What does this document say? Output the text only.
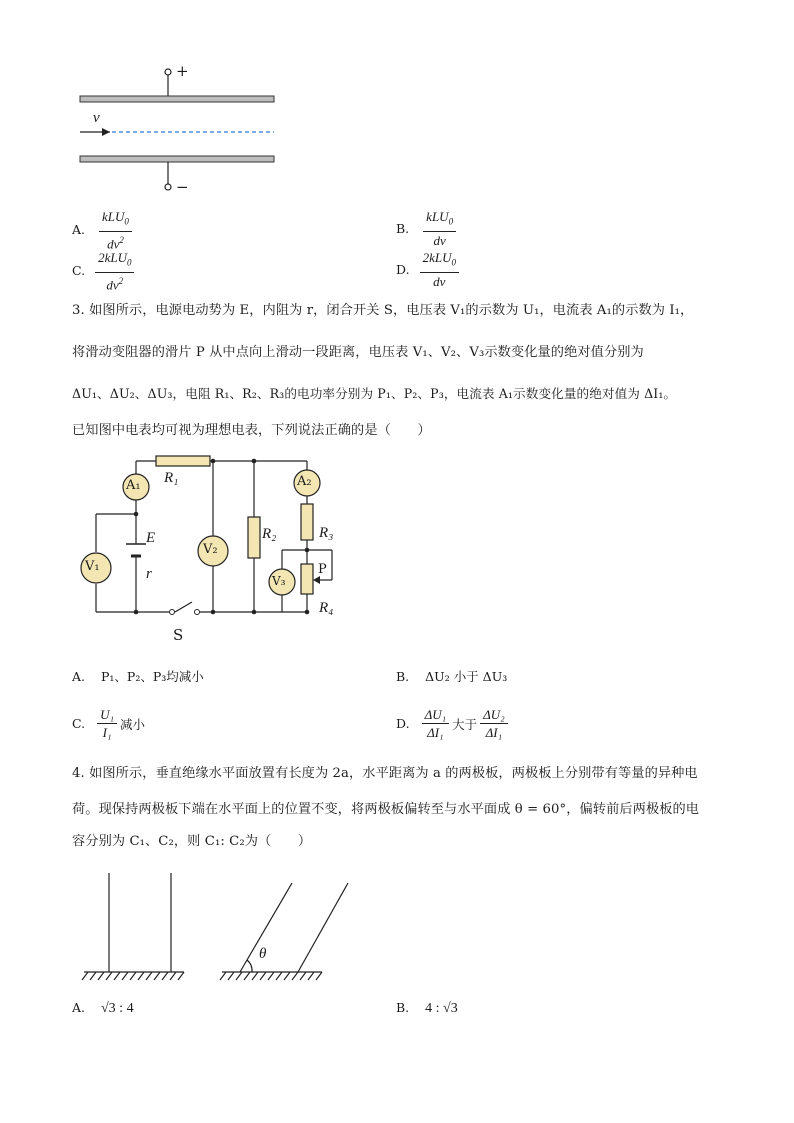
+
−
v
A. $\frac{kLU_0}{dv^2}$	B. $\frac{kLU_0}{dv}$
C. $\frac{2kLU_0}{dv^2}$	D. $\frac{2kLU_0}{dv}$
3. 如图所示，电源电动势为 E，内阻为 r，闭合开关 S，电压表 V₁的示数为 U₁，电流表 A₁的示数为 I₁，
将滑动变阻器的滑片 P 从中点向上滑动一段距离，电压表 V₁、V₂、V₃示数变化量的绝对值分别为
ΔU₁、ΔU₂、ΔU₃，电阻 R₁、R₂、R₃的电功率分别为 P₁、P₂、P₃，电流表 A₁示数变化量的绝对值为 ΔI₁。
已知图中电表均可视为理想电表，下列说法正确的是（　　）
A₁
V₁
V₂
A₂
V₃
R₁
R₂	R₃
R₄
E
r
S
P
A. P₁、P₂、P₃均减小	B. ΔU₂ 小于 ΔU₃
C. $\frac{\text{U₁}}{\text{I₁}}$ 减小	D. $\frac{\text{ΔU₁}}{\text{ΔI₁}}$ 大于 $\frac{\text{ΔU₂}}{\text{ΔI₁}}$
4. 如图所示，垂直绝缘水平面放置有长度为 2a，水平距离为 a 的两极板，两极板上分别带有等量的异种电
荷。现保持两极板下端在水平面上的位置不变，将两极板偏转至与水平面成 θ = 60°，偏转前后两极板的电
容分别为 C₁、C₂，则 C₁: C₂为（　　）
θ
A. √3 : 4	B. 4 : √3
